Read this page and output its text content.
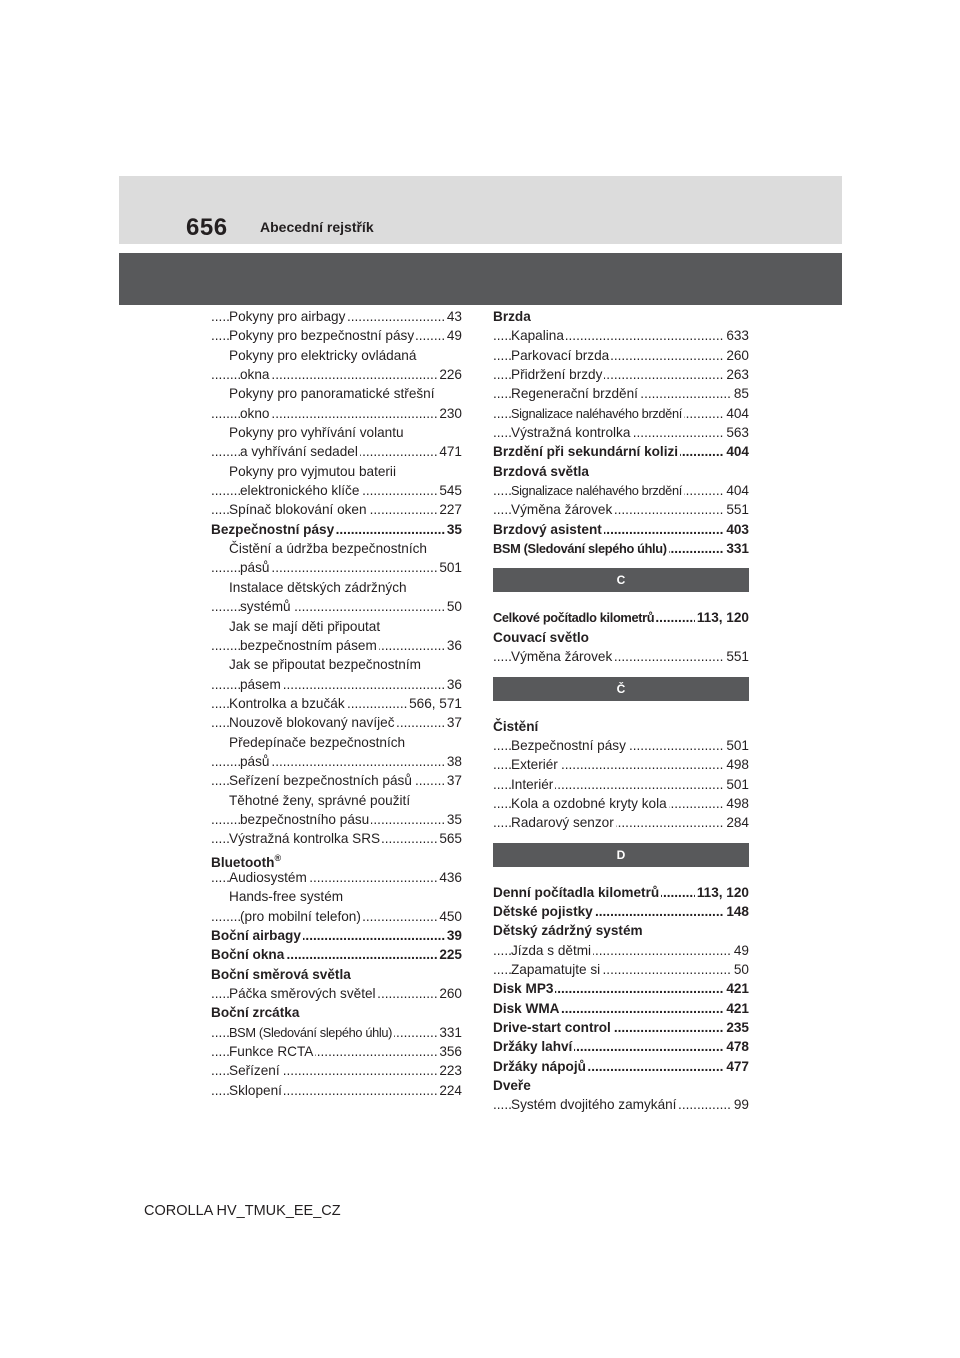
656 Abecední rejstřík
Pokyny pro airbagy	43
.....
Pokyny pro bezpečnostní pásy 49
.....
Pokyny pro elektricky ovládaná
okna	226
.....
Pokyny pro panoramatické střešní
okno	230
.....
Pokyny pro vyhřívání volantu
a vyhřívání sedadel	471
.....
Pokyny pro vyjmutou baterii
elektronického klíče	545
.....
Spínač blokování oken	227
.....
Bezpečnostní pásy	35
.....
Čistění a údržba bezpečnostních
pásů	501
.....
Instalace dětských zádržných
systémů	50
.....
Jak se mají děti připoutat
bezpečnostním pásem	36
.....
Jak se připoutat bezpečnostním
pásem	36
.....
Kontrolka a bzučák	566, 571
.....
Nouzově blokovaný navíječ	37
.....
Předepínače bezpečnostních
pásů	38
.....
Seřízení bezpečnostních pásů	37
.....
Těhotné ženy, správné použití
bezpečnostního pásu	35
.....
Výstražná kontrolka SRS	565
.....
Bluetooth®
Audiosystém	436
.....
Hands-free systém
(pro mobilní telefon)	450
.....
Boční airbagy	39
.....
Boční okna	225
.....
Boční směrová světla
Páčka směrových světel	260
.....
Boční zrcátka
BSM (Sledování slepého úhlu)	331
.....
Funkce RCTA	356
.....
Seřízení	223
.....
Sklopení	224
.....
Brzda
Kapalina	633
.....
Parkovací brzda	260
.....
Přidržení brzdy	263
.....
Regenerační brzdění	85
.....
Signalizace naléhavého brzdění	404
.....
Výstražná kontrolka	563
.....
Brzdění při sekundární kolizi	404
.....
Brzdová světla
Signalizace naléhavého brzdění	404
.....
Výměna žárovek	551
.....
Brzdový asistent	403
.....
BSM (Sledování slepého úhlu)	331
.....
C
Celkové počítadlo kilometrů	113, 120
.....
Couvací světlo
Výměna žárovek	551
.....
Č
Čistění
Bezpečnostní pásy	501
.....
Exteriér	498
.....
Interiér	501
.....
Kola a ozdobné kryty kola	498
.....
Radarový senzor	284
.....
D
Denní počítadla kilometrů	113, 120
.....
Dětské pojistky	148
.....
Dětský zádržný systém
Jízda s dětmi	49
.....
Zapamatujte si	50
.....
Disk MP3	421
.....
Disk WMA	421
.....
Drive-start control	235
.....
Držáky lahví	478
.....
Držáky nápojů	477
.....
Dveře
Systém dvojitého zamykání	99
.....
COROLLA HV_TMUK_EE_CZ
